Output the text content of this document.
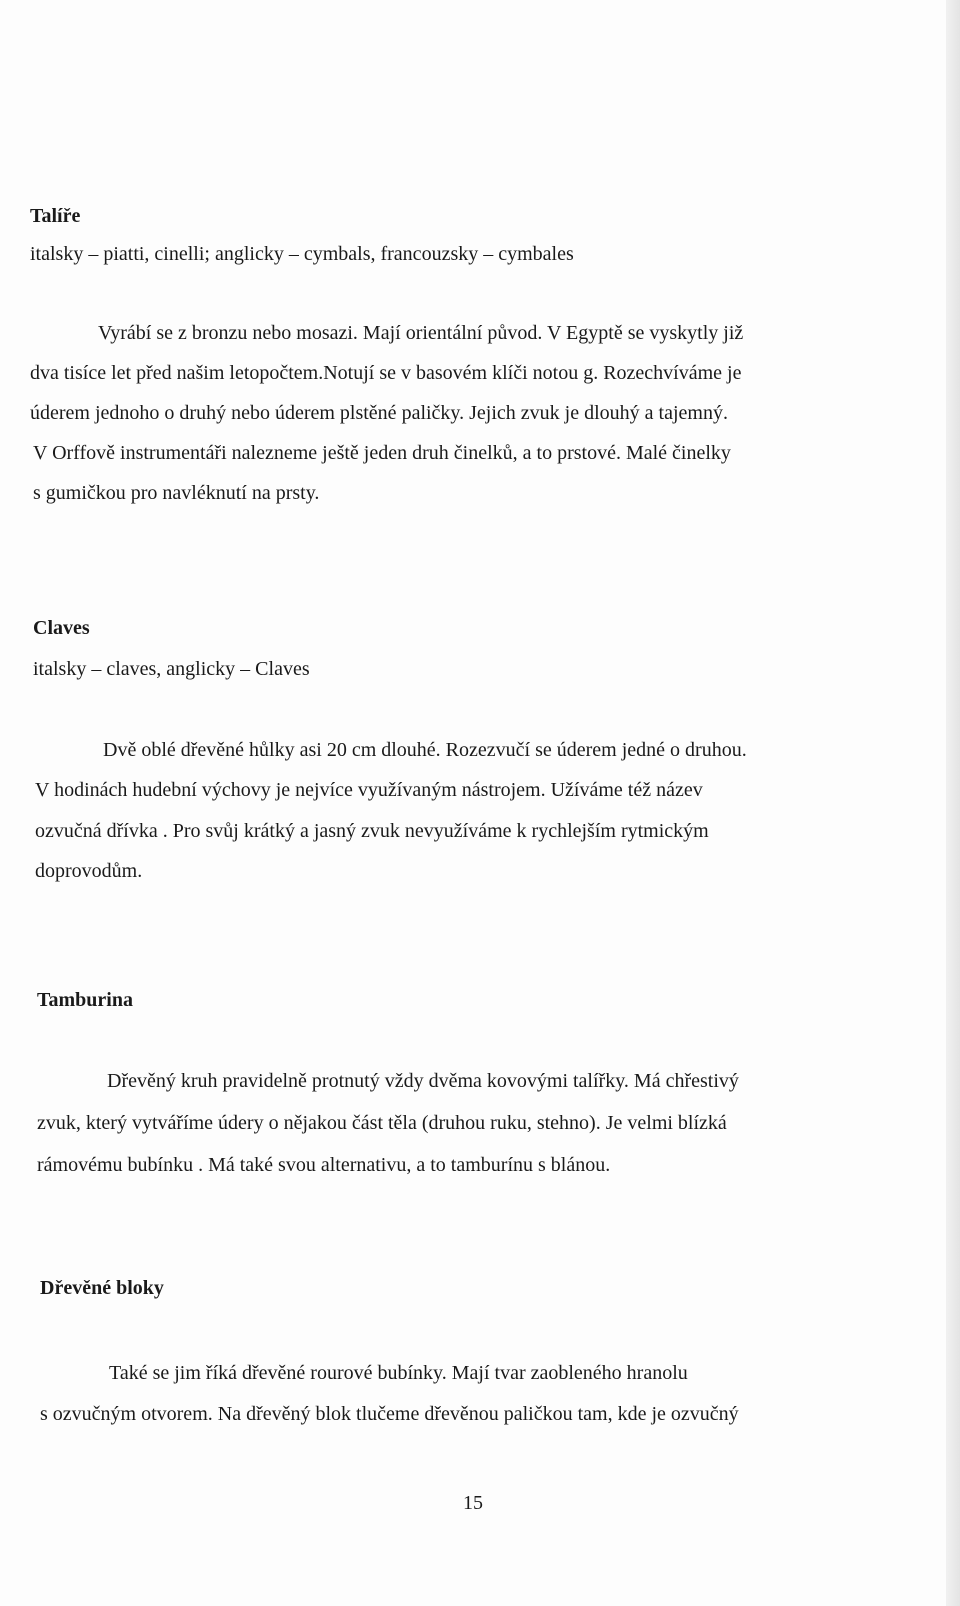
Talíře
italsky – piatti, cinelli; anglicky – cymbals, francouzsky – cymbales
Vyrábí se z bronzu nebo mosazi. Mají orientální původ. V Egyptě se vyskytly již
dva tisíce let před našim letopočtem.Notují se v basovém klíči notou g. Rozechvíváme je
úderem jednoho o druhý nebo úderem plstěné paličky. Jejich zvuk je dlouhý a tajemný.
V Orffově instrumentáři nalezneme ještě jeden druh činelků, a to prstové. Malé činelky
s gumičkou pro navléknutí na prsty.
Claves
italsky – claves, anglicky – Claves
Dvě oblé dřevěné hůlky asi 20 cm dlouhé. Rozezvučí se úderem jedné o druhou.
V hodinách hudební výchovy je nejvíce využívaným nástrojem. Užíváme též název
ozvučná dřívka . Pro svůj krátký a jasný zvuk nevyužíváme k rychlejším rytmickým
doprovodům.
Tamburina
Dřevěný kruh pravidelně protnutý vždy dvěma kovovými talířky. Má chřestivý
zvuk, který vytváříme údery o nějakou část těla (druhou ruku, stehno). Je velmi blízká
rámovému bubínku . Má také svou alternativu, a to tamburínu s blánou.
Dřevěné bloky
Také se jim říká dřevěné rourové bubínky. Mají tvar zaobleného hranolu
s ozvučným otvorem. Na dřevěný blok tlučeme dřevěnou paličkou tam, kde je ozvučný
15
